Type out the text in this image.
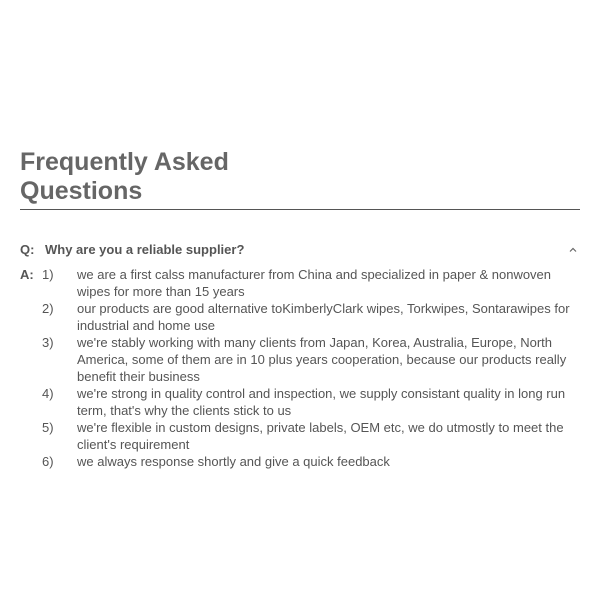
Frequently Asked
Questions
Q: Why are you a reliable supplier?
A: 1) we are a first calss manufacturer from China and specialized in paper & nonwoven wipes for more than 15 years
2) our products are good alternative toKimberlyClark wipes, Torkwipes, Sontarawipes for industrial and home use
3) we're stably working with many clients from Japan, Korea, Australia, Europe, North America, some of them are in 10 plus years cooperation, because our products really benefit their business
4) we're strong in quality control and inspection, we supply consistant quality in long run term, that's why the clients stick to us
5) we're flexible in custom designs, private labels, OEM etc, we do utmostly to meet the client's requirement
6) we always response shortly and give a quick feedback
